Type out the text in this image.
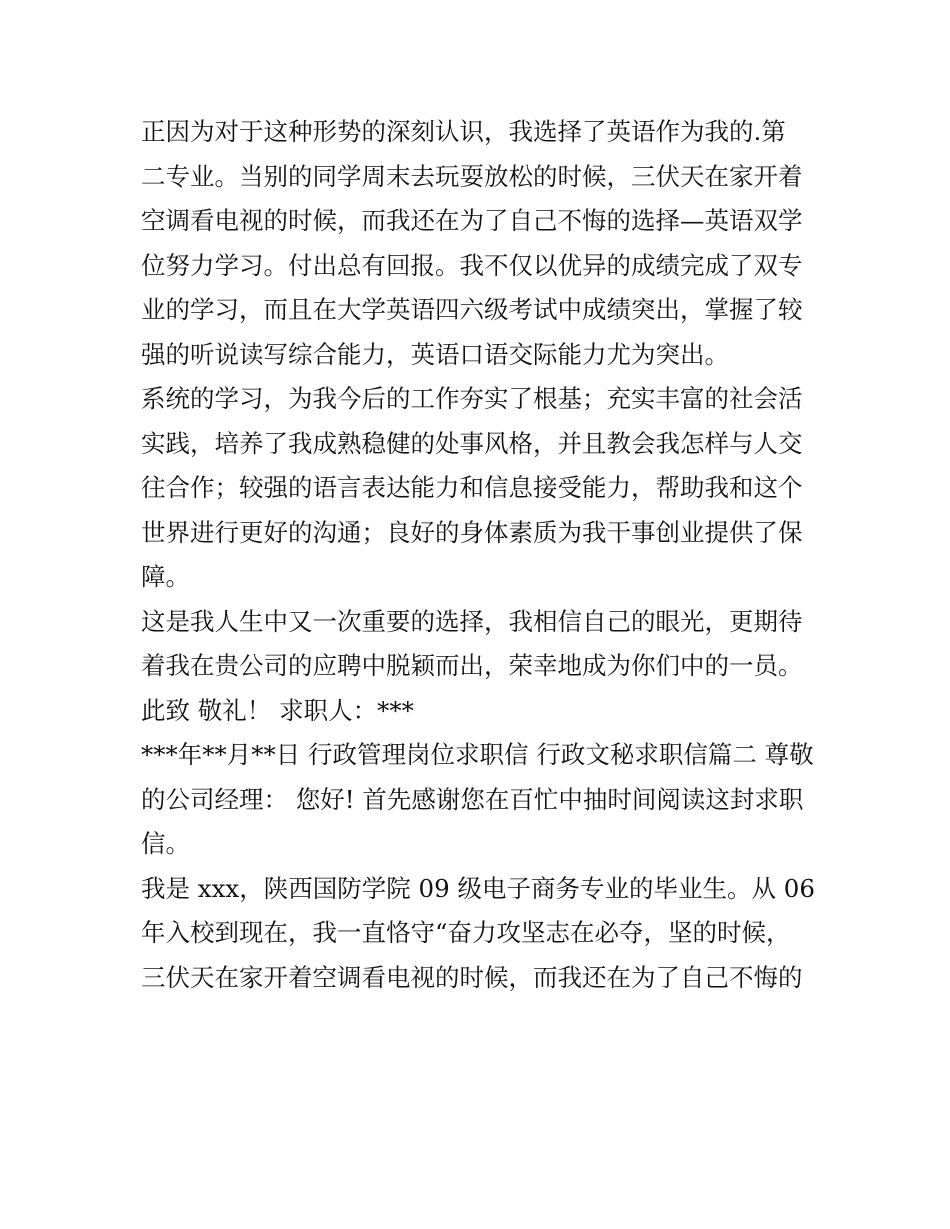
正因为对于这种形势的深刻认识，我选择了英语作为我的.第
二专业。当别的同学周末去玩耍放松的时候，三伏天在家开着
空调看电视的时候，而我还在为了自己不悔的选择—英语双学
位努力学习。付出总有回报。我不仅以优异的成绩完成了双专
业的学习，而且在大学英语四六级考试中成绩突出，掌握了较
强的听说读写综合能力，英语口语交际能力尤为突出。
系统的学习，为我今后的工作夯实了根基；充实丰富的社会活
实践，培养了我成熟稳健的处事风格，并且教会我怎样与人交
往合作；较强的语言表达能力和信息接受能力，帮助我和这个
世界进行更好的沟通；良好的身体素质为我干事创业提供了保
障。
这是我人生中又一次重要的选择，我相信自己的眼光，更期待
着我在贵公司的应聘中脱颖而出，荣幸地成为你们中的一员。
此致 敬礼！ 求职人：***
***年**月**日 行政管理岗位求职信 行政文秘求职信篇二 尊敬
的公司经理： 您好! 首先感谢您在百忙中抽时间阅读这封求职
信。
我是 xxx，陕西国防学院 09 级电子商务专业的毕业生。从 06
年入校到现在，我一直恪守“奋力攻坚志在必夺，坚的时候，
三伏天在家开着空调看电视的时候，而我还在为了自己不悔的
